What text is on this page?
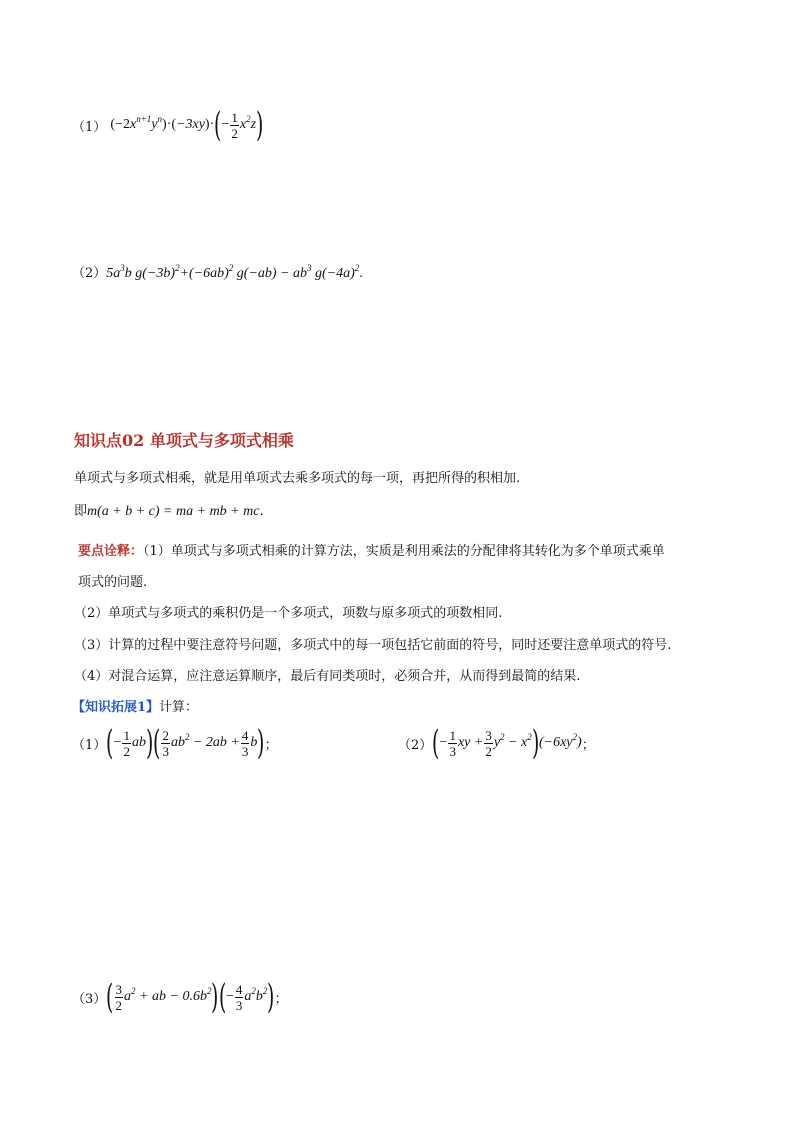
（1） $(-2x^{n+1}y^n)\cdot(-3xy)\cdot(- \frac{1}{2} x^2z)$
$(2)5a^3b$ $g(-3b)^2+(-6ab)^2$ $g(-ab) - ab^3$ $g(-4a)^2$.
知识点02 单项式与多项式相乘
单项式与多项式相乘，就是用单项式去乘多项式的每一项，再把所得的积相加.
即m(a + b + c) = ma + mb + mc.
要点诠释：（1）单项式与多项式相乘的计算方法，实质是利用乘法的分配律将其转化为多个单项式乘单
项式的问题.
（2）单项式与多项式的乘积仍是一个多项式，项数与原多项式的项数相同.
（3）计算的过程中要注意符号问题，多项式中的每一项包括它前面的符号，同时还要注意单项式的符号.
（4）对混合运算，应注意运算顺序，最后有同类项时，必须合并，从而得到最简的结果.
【知识拓展1】计算：
$(1)(- \frac{1}{2} ab)( \frac{2}{3} ab^2 - 2ab + \frac{4}{3} b)$；	$(2)(- \frac{1}{3}$ xy + $\frac{3}{2} y^2 - x^2)(-6xy^2)$；
$(3)( \frac{3}{2} a^2$ + ab − $0.6b^2)(- \frac{4}{3} a^2b^2)$；
